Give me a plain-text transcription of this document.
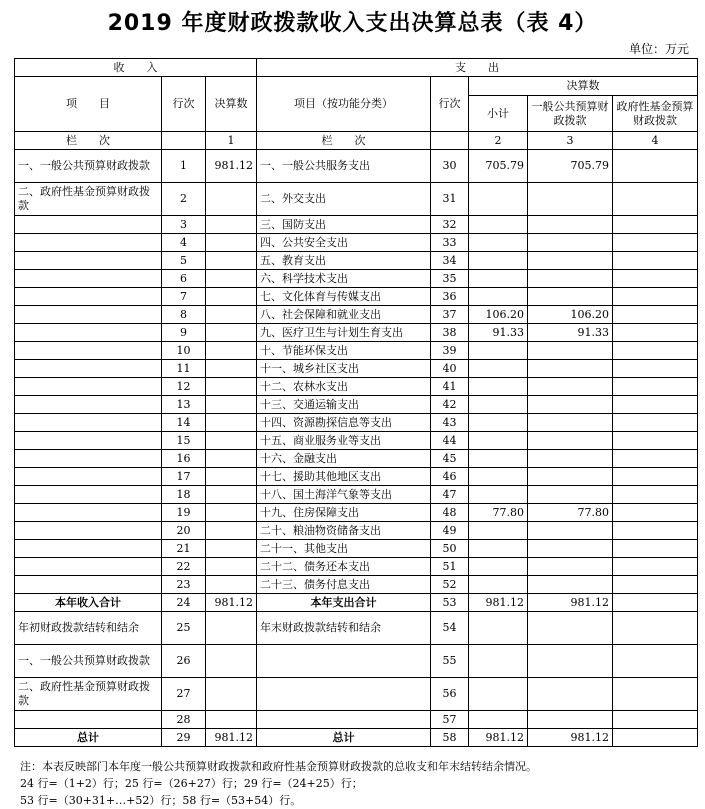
2019 年度财政拨款收入支出决算总表（表 4）
单位：万元
收　　入			支　　出				
项　　目	行次	决算数	项目（按功能分类）	行次	决算数		
					小计	一般公共预算财政拨款	政府性基金预算财政拨款
栏　　次		1	栏　　次		2	3	4
一、一般公共预算财政拨款	1	981.12	一、一般公共服务支出	30	705.79	705.79	
二、政府性基金预算财政拨款	2		二、外交支出	31			
	3		三、国防支出	32			
	4		四、公共安全支出	33			
	5		五、教育支出	34			
	6		六、科学技术支出	35			
	7		七、文化体育与传媒支出	36			
	8		八、社会保障和就业支出	37	106.20	106.20	
	9		九、医疗卫生与计划生育支出	38	91.33	91.33	
	10		十、节能环保支出	39			
	11		十一、城乡社区支出	40			
	12		十二、农林水支出	41			
	13		十三、交通运输支出	42			
	14		十四、资源勘探信息等支出	43			
	15		十五、商业服务业等支出	44			
	16		十六、金融支出	45			
	17		十七、援助其他地区支出	46			
	18		十八、国土海洋气象等支出	47			
	19		十九、住房保障支出	48	77.80	77.80	
	20		二十、粮油物资储备支出	49			
	21		二十一、其他支出	50			
	22		二十二、债务还本支出	51			
	23		二十三、债务付息支出	52			
本年收入合计	24	981.12	本年支出合计	53	981.12	981.12	
年初财政拨款结转和结余	25		年末财政拨款结转和结余	54			
一、一般公共预算财政拨款	26			55			
二、政府性基金预算财政拨款	27			56			
	28			57			
总计	29	981.12	总计	58	981.12	981.12	
注：本表反映部门本年度一般公共预算财政拨款和政府性基金预算财政拨款的总收支和年末结转结余情况。
24 行=（1+2）行；25 行=（26+27）行；29 行=（24+25）行；
53 行=（30+31+…+52）行；58 行=（53+54）行。
